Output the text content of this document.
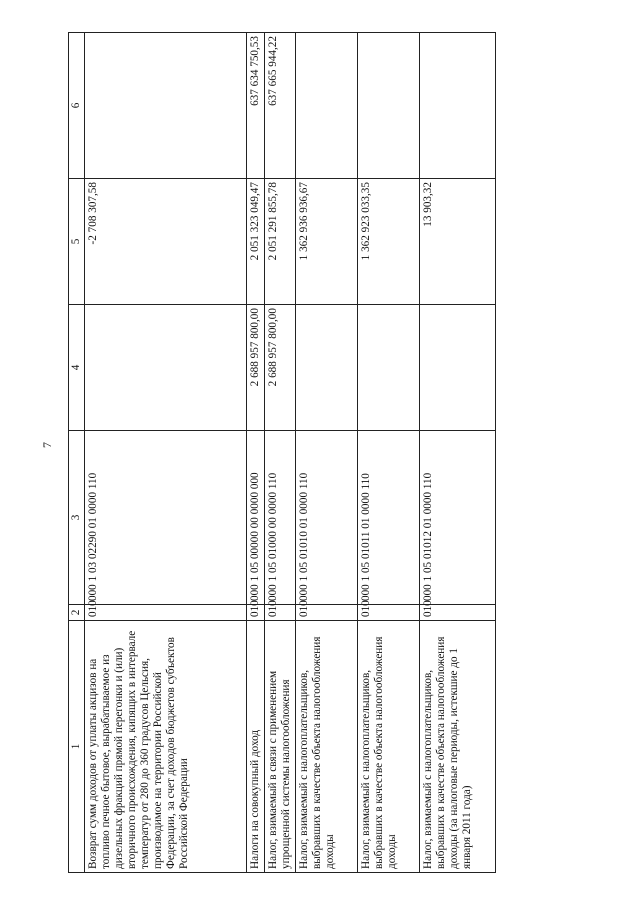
7
1	2	3	4	5	6
Возврат сумм доходов от уплаты акцизов на топливо печное бытовое, вырабатываемое из дизельных фракций прямой перегонки и (или) вторичного происхождения, кипящих в интервале температур от 280 до 360 градусов Цельсия, производимое на территории Российской Федерации, за счет доходов бюджетов субъектов Российской Федерации	010	000 1 03 02290 01 0000 110		-2 708 307,58	
Налоги на совокупный доход	010	000 1 05 00000 00 0000 000	2 688 957 800,00	2 051 323 049,47	637 634 750,53
Налог, взимаемый в связи с применением упрощенной системы налогообложения	010	000 1 05 01000 00 0000 110	2 688 957 800,00	2 051 291 855,78	637 665 944,22
Налог, взимаемый с налогоплательщиков, выбравших в качестве объекта налогообложения доходы	010	000 1 05 01010 01 0000 110		1 362 936 936,67	
Налог, взимаемый с налогоплательщиков, выбравших в качестве объекта налогообложения доходы	010	000 1 05 01011 01 0000 110		1 362 923 033,35	
Налог, взимаемый с налогоплательщиков, выбравших в качестве объекта налогообложения доходы (за налоговые периоды, истекшие до 1 января 2011 года)	010	000 1 05 01012 01 0000 110		13 903,32	
